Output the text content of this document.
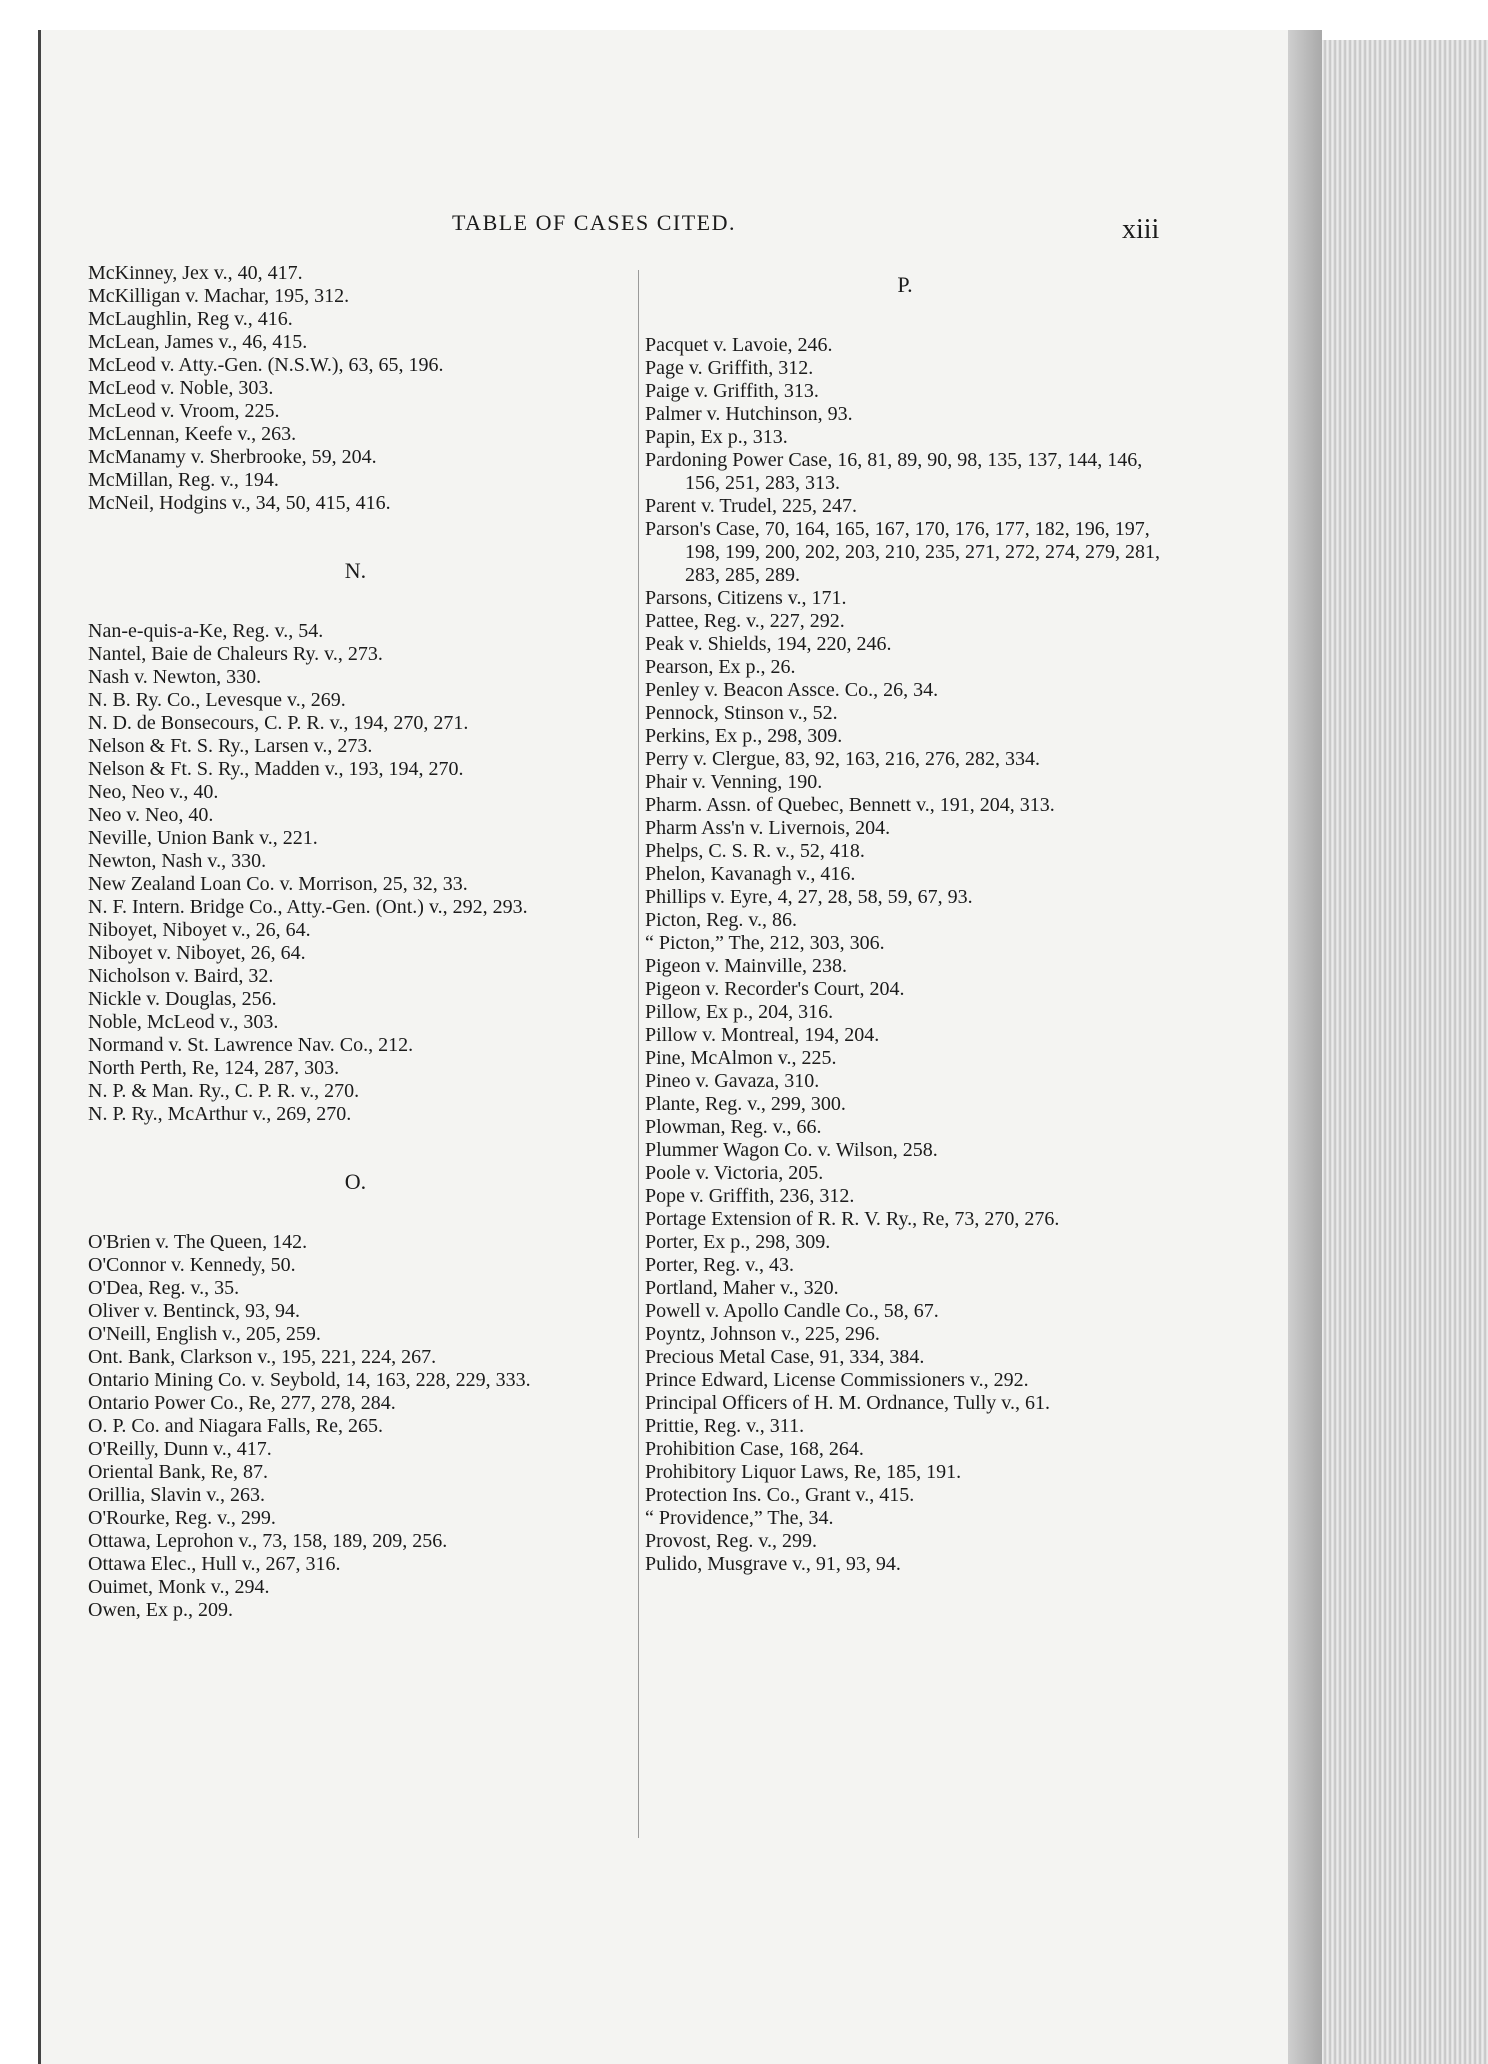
TABLE OF CASES CITED.	xiii
McKinney, Jex v., 40, 417.
McKilligan v. Machar, 195, 312.
McLaughlin, Reg v., 416.
McLean, James v., 46, 415.
McLeod v. Atty.-Gen. (N.S.W.), 63, 65, 196.
McLeod v. Noble, 303.
McLeod v. Vroom, 225.
McLennan, Keefe v., 263.
McManamy v. Sherbrooke, 59, 204.
McMillan, Reg. v., 194.
McNeil, Hodgins v., 34, 50, 415, 416.
N.
Nan-e-quis-a-Ke, Reg. v., 54.
Nantel, Baie de Chaleurs Ry. v., 273.
Nash v. Newton, 330.
N. B. Ry. Co., Levesque v., 269.
N. D. de Bonsecours, C. P. R. v., 194, 270, 271.
Nelson & Ft. S. Ry., Larsen v., 273.
Nelson & Ft. S. Ry., Madden v., 193, 194, 270.
Neo, Neo v., 40.
Neo v. Neo, 40.
Neville, Union Bank v., 221.
Newton, Nash v., 330.
New Zealand Loan Co. v. Morrison, 25, 32, 33.
N. F. Intern. Bridge Co., Atty.-Gen. (Ont.) v., 292, 293.
Niboyet, Niboyet v., 26, 64.
Niboyet v. Niboyet, 26, 64.
Nicholson v. Baird, 32.
Nickle v. Douglas, 256.
Noble, McLeod v., 303.
Normand v. St. Lawrence Nav. Co., 212.
North Perth, Re, 124, 287, 303.
N. P. & Man. Ry., C. P. R. v., 270.
N. P. Ry., McArthur v., 269, 270.
O.
O'Brien v. The Queen, 142.
O'Connor v. Kennedy, 50.
O'Dea, Reg. v., 35.
Oliver v. Bentinck, 93, 94.
O'Neill, English v., 205, 259.
Ont. Bank, Clarkson v., 195, 221, 224, 267.
Ontario Mining Co. v. Seybold, 14, 163, 228, 229, 333.
Ontario Power Co., Re, 277, 278, 284.
O. P. Co. and Niagara Falls, Re, 265.
O'Reilly, Dunn v., 417.
Oriental Bank, Re, 87.
Orillia, Slavin v., 263.
O'Rourke, Reg. v., 299.
Ottawa, Leprohon v., 73, 158, 189, 209, 256.
Ottawa Elec., Hull v., 267, 316.
Ouimet, Monk v., 294.
Owen, Ex p., 209.
P.
Pacquet v. Lavoie, 246.
Page v. Griffith, 312.
Paige v. Griffith, 313.
Palmer v. Hutchinson, 93.
Papin, Ex p., 313.
Pardoning Power Case, 16, 81, 89, 90, 98, 135, 137, 144, 146, 156, 251, 283, 313.
Parent v. Trudel, 225, 247.
Parson's Case, 70, 164, 165, 167, 170, 176, 177, 182, 196, 197, 198, 199, 200, 202, 203, 210, 235, 271, 272, 274, 279, 281, 283, 285, 289.
Parsons, Citizens v., 171.
Pattee, Reg. v., 227, 292.
Peak v. Shields, 194, 220, 246.
Pearson, Ex p., 26.
Penley v. Beacon Assce. Co., 26, 34.
Pennock, Stinson v., 52.
Perkins, Ex p., 298, 309.
Perry v. Clergue, 83, 92, 163, 216, 276, 282, 334.
Phair v. Venning, 190.
Pharm. Assn. of Quebec, Bennett v., 191, 204, 313.
Pharm Ass'n v. Livernois, 204.
Phelps, C. S. R. v., 52, 418.
Phelon, Kavanagh v., 416.
Phillips v. Eyre, 4, 27, 28, 58, 59, 67, 93.
Picton, Reg. v., 86.
“ Picton,” The, 212, 303, 306.
Pigeon v. Mainville, 238.
Pigeon v. Recorder's Court, 204.
Pillow, Ex p., 204, 316.
Pillow v. Montreal, 194, 204.
Pine, McAlmon v., 225.
Pineo v. Gavaza, 310.
Plante, Reg. v., 299, 300.
Plowman, Reg. v., 66.
Plummer Wagon Co. v. Wilson, 258.
Poole v. Victoria, 205.
Pope v. Griffith, 236, 312.
Portage Extension of R. R. V. Ry., Re, 73, 270, 276.
Porter, Ex p., 298, 309.
Porter, Reg. v., 43.
Portland, Maher v., 320.
Powell v. Apollo Candle Co., 58, 67.
Poyntz, Johnson v., 225, 296.
Precious Metal Case, 91, 334, 384.
Prince Edward, License Commissioners v., 292.
Principal Officers of H. M. Ordnance, Tully v., 61.
Prittie, Reg. v., 311.
Prohibition Case, 168, 264.
Prohibitory Liquor Laws, Re, 185, 191.
Protection Ins. Co., Grant v., 415.
“ Providence,” The, 34.
Provost, Reg. v., 299.
Pulido, Musgrave v., 91, 93, 94.
